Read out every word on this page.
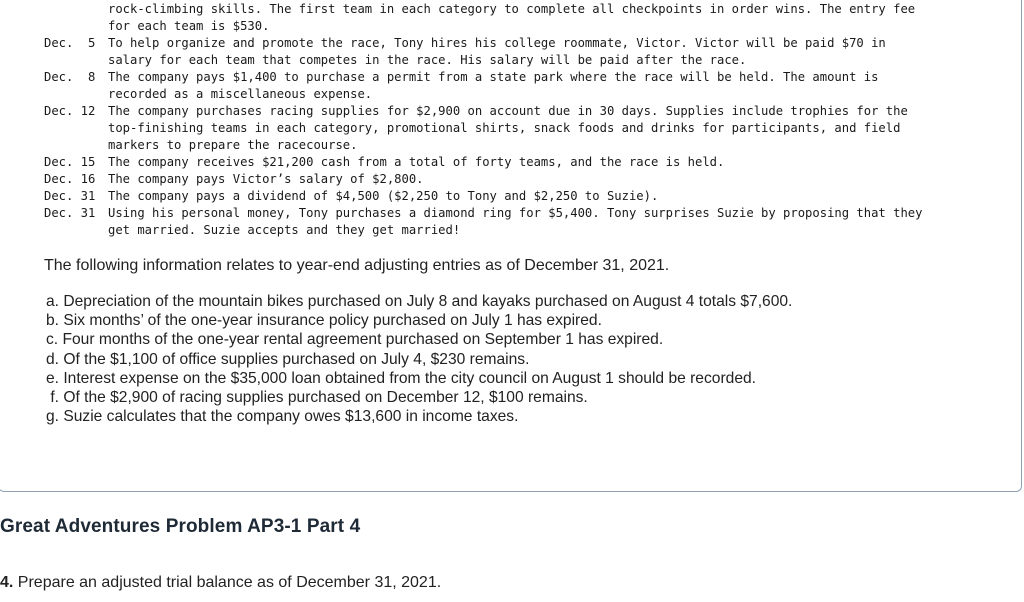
rock-climbing skills. The first team in each category to complete all checkpoints in order wins. The entry fee
for each team is $530.
Dec.  5	To help organize and promote the race, Tony hires his college roommate, Victor. Victor will be paid $70 in
salary for each team that competes in the race. His salary will be paid after the race.
Dec.  8	The company pays $1,400 to purchase a permit from a state park where the race will be held. The amount is
recorded as a miscellaneous expense.
Dec. 12	The company purchases racing supplies for $2,900 on account due in 30 days. Supplies include trophies for the
top-finishing teams in each category, promotional shirts, snack foods and drinks for participants, and field
markers to prepare the racecourse.
Dec. 15	The company receives $21,200 cash from a total of forty teams, and the race is held.
Dec. 16	The company pays Victor’s salary of $2,800.
Dec. 31	The company pays a dividend of $4,500 ($2,250 to Tony and $2,250 to Suzie).
Dec. 31	Using his personal money, Tony purchases a diamond ring for $5,400. Tony surprises Suzie by proposing that they
get married. Suzie accepts and they get married!
The following information relates to year-end adjusting entries as of December 31, 2021.
a. Depreciation of the mountain bikes purchased on July 8 and kayaks purchased on August 4 totals $7,600.
b. Six months’ of the one-year insurance policy purchased on July 1 has expired.
c. Four months of the one-year rental agreement purchased on September 1 has expired.
d. Of the $1,100 of office supplies purchased on July 4, $230 remains.
e. Interest expense on the $35,000 loan obtained from the city council on August 1 should be recorded.
f. Of the $2,900 of racing supplies purchased on December 12, $100 remains.
g. Suzie calculates that the company owes $13,600 in income taxes.
Great Adventures Problem AP3-1 Part 4
4. Prepare an adjusted trial balance as of December 31, 2021.
